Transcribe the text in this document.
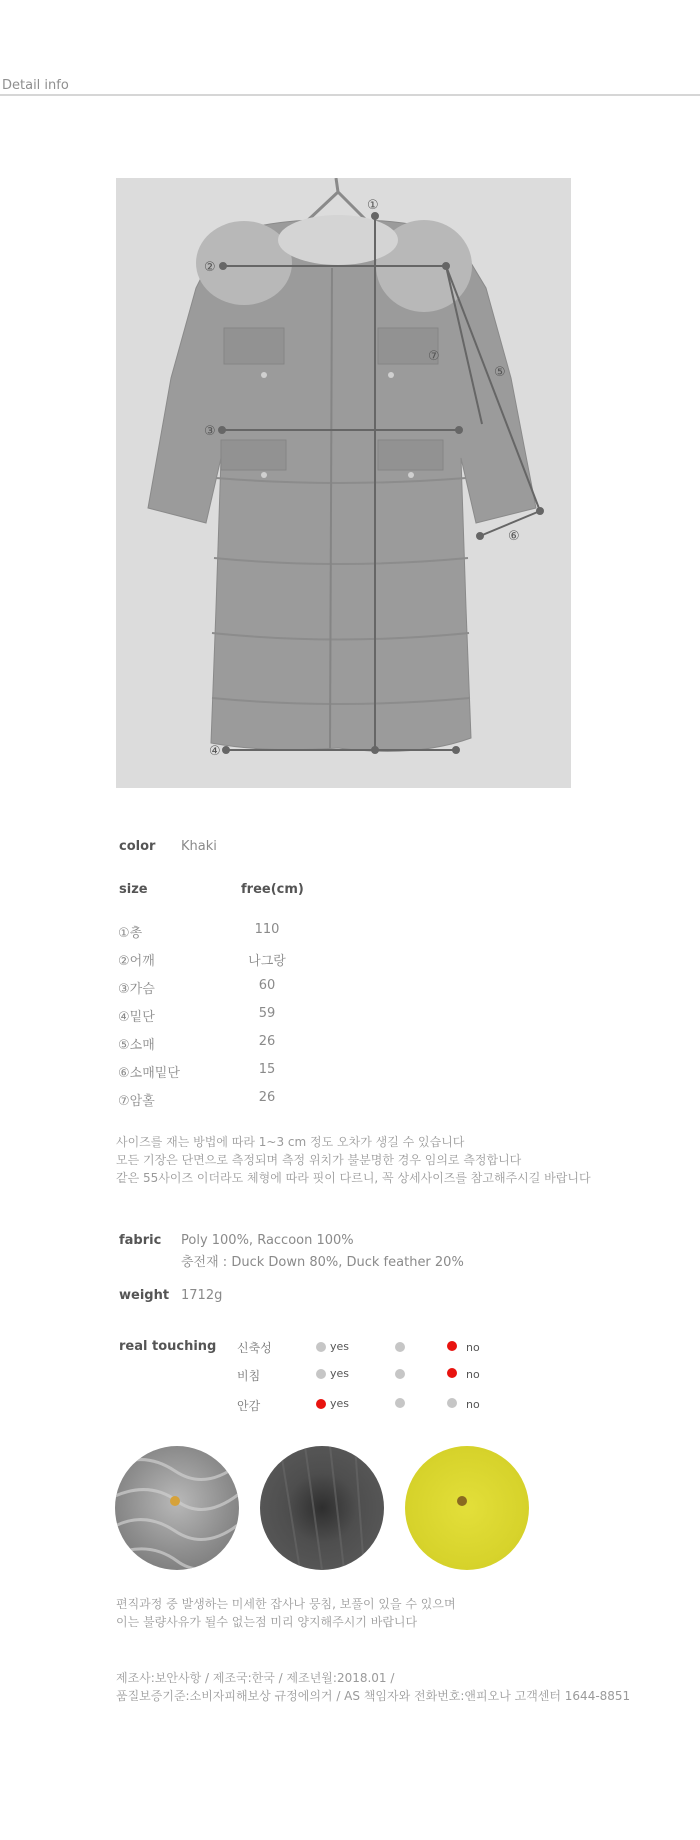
Detail info
①
②
③
④
⑤
⑥
⑦
color Khaki
size	free(cm)
①총	110
②어깨	나그랑
③가슴	60
④밑단	59
⑤소매	26
⑥소매밑단	15
⑦암홀	26
사이즈를 재는 방법에 따라 1~3 cm 정도 오차가 생길 수 있습니다
모든 기장은 단면으로 측정되며 측정 위치가 불분명한 경우 임의로 측정합니다
같은 55사이즈 이더라도 체형에 따라 핏이 다르니, 꼭 상세사이즈를 참고해주시길 바랍니다
fabric Poly 100%, Raccoon 100%
충전재 : Duck Down 80%, Duck feather 20%
weight 1712g
real touching 신축성	yes	no
비침	yes	no
안감	yes	no
편직과정 중 발생하는 미세한 잡사나 뭉침, 보풀이 있을 수 있으며
이는 불량사유가 될수 없는점 미리 양지해주시기 바랍니다
제조사:보안사항 / 제조국:한국 / 제조년월:2018.01 /
품질보증기준:소비자피해보상 규정에의거 / AS 책임자와 전화번호:앤피오나 고객센터 1644-8851
